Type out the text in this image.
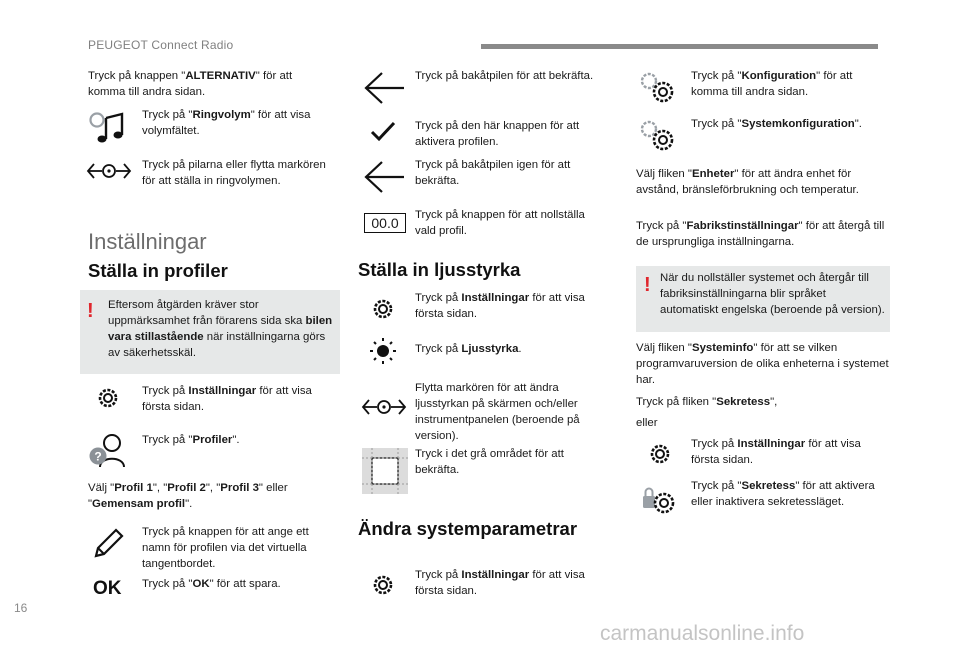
PEUGEOT Connect Radio
Tryck på knappen "ALTERNATIV" för att komma till andra sidan.
Tryck på "Ringvolym" för att visa volymfältet.
Tryck på pilarna eller flytta markören för att ställa in ringvolymen.
Inställningar
Ställa in profiler
! Eftersom åtgärden kräver stor uppmärksamhet från förarens sida ska bilen vara stillastående när inställningarna görs av säkerhetsskäl.
Tryck på Inställningar för att visa första sidan.
?
Tryck på "Profiler".
Välj "Profil 1", "Profil 2", "Profil 3" eller "Gemensam profil".
Tryck på knappen för att ange ett namn för profilen via det virtuella tangentbordet.
OK Tryck på "OK" för att spara.
Tryck på bakåtpilen för att bekräfta.
Tryck på den här knappen för att aktivera profilen.
Tryck på bakåtpilen igen för att bekräfta.
00.0	Tryck på knappen för att nollställa vald profil.
Ställa in ljusstyrka
Tryck på Inställningar för att visa första sidan.
Tryck på Ljusstyrka.
Flytta markören för att ändra ljusstyrkan på skärmen och/eller instrumentpanelen (beroende på version).
Tryck i det grå området för att bekräfta.
Ändra systemparametrar
Tryck på Inställningar för att visa första sidan.
Tryck på "Konfiguration" för att komma till andra sidan.
Tryck på "Systemkonfiguration".
Välj fliken "Enheter" för att ändra enhet för avstånd, bränsleförbrukning och temperatur.
Tryck på "Fabrikstinställningar" för att återgå till de ursprungliga inställningarna.
! När du nollställer systemet och återgår till fabriksinställningarna blir språket automatiskt engelska (beroende på version).
Välj fliken "Systeminfo" för att se vilken programvaruversion de olika enheterna i systemet har.
Tryck på fliken "Sekretess",
eller
Tryck på Inställningar för att visa första sidan.
Tryck på "Sekretess" för att aktivera eller inaktivera sekretessläget.
16
carmanualsonline.info
